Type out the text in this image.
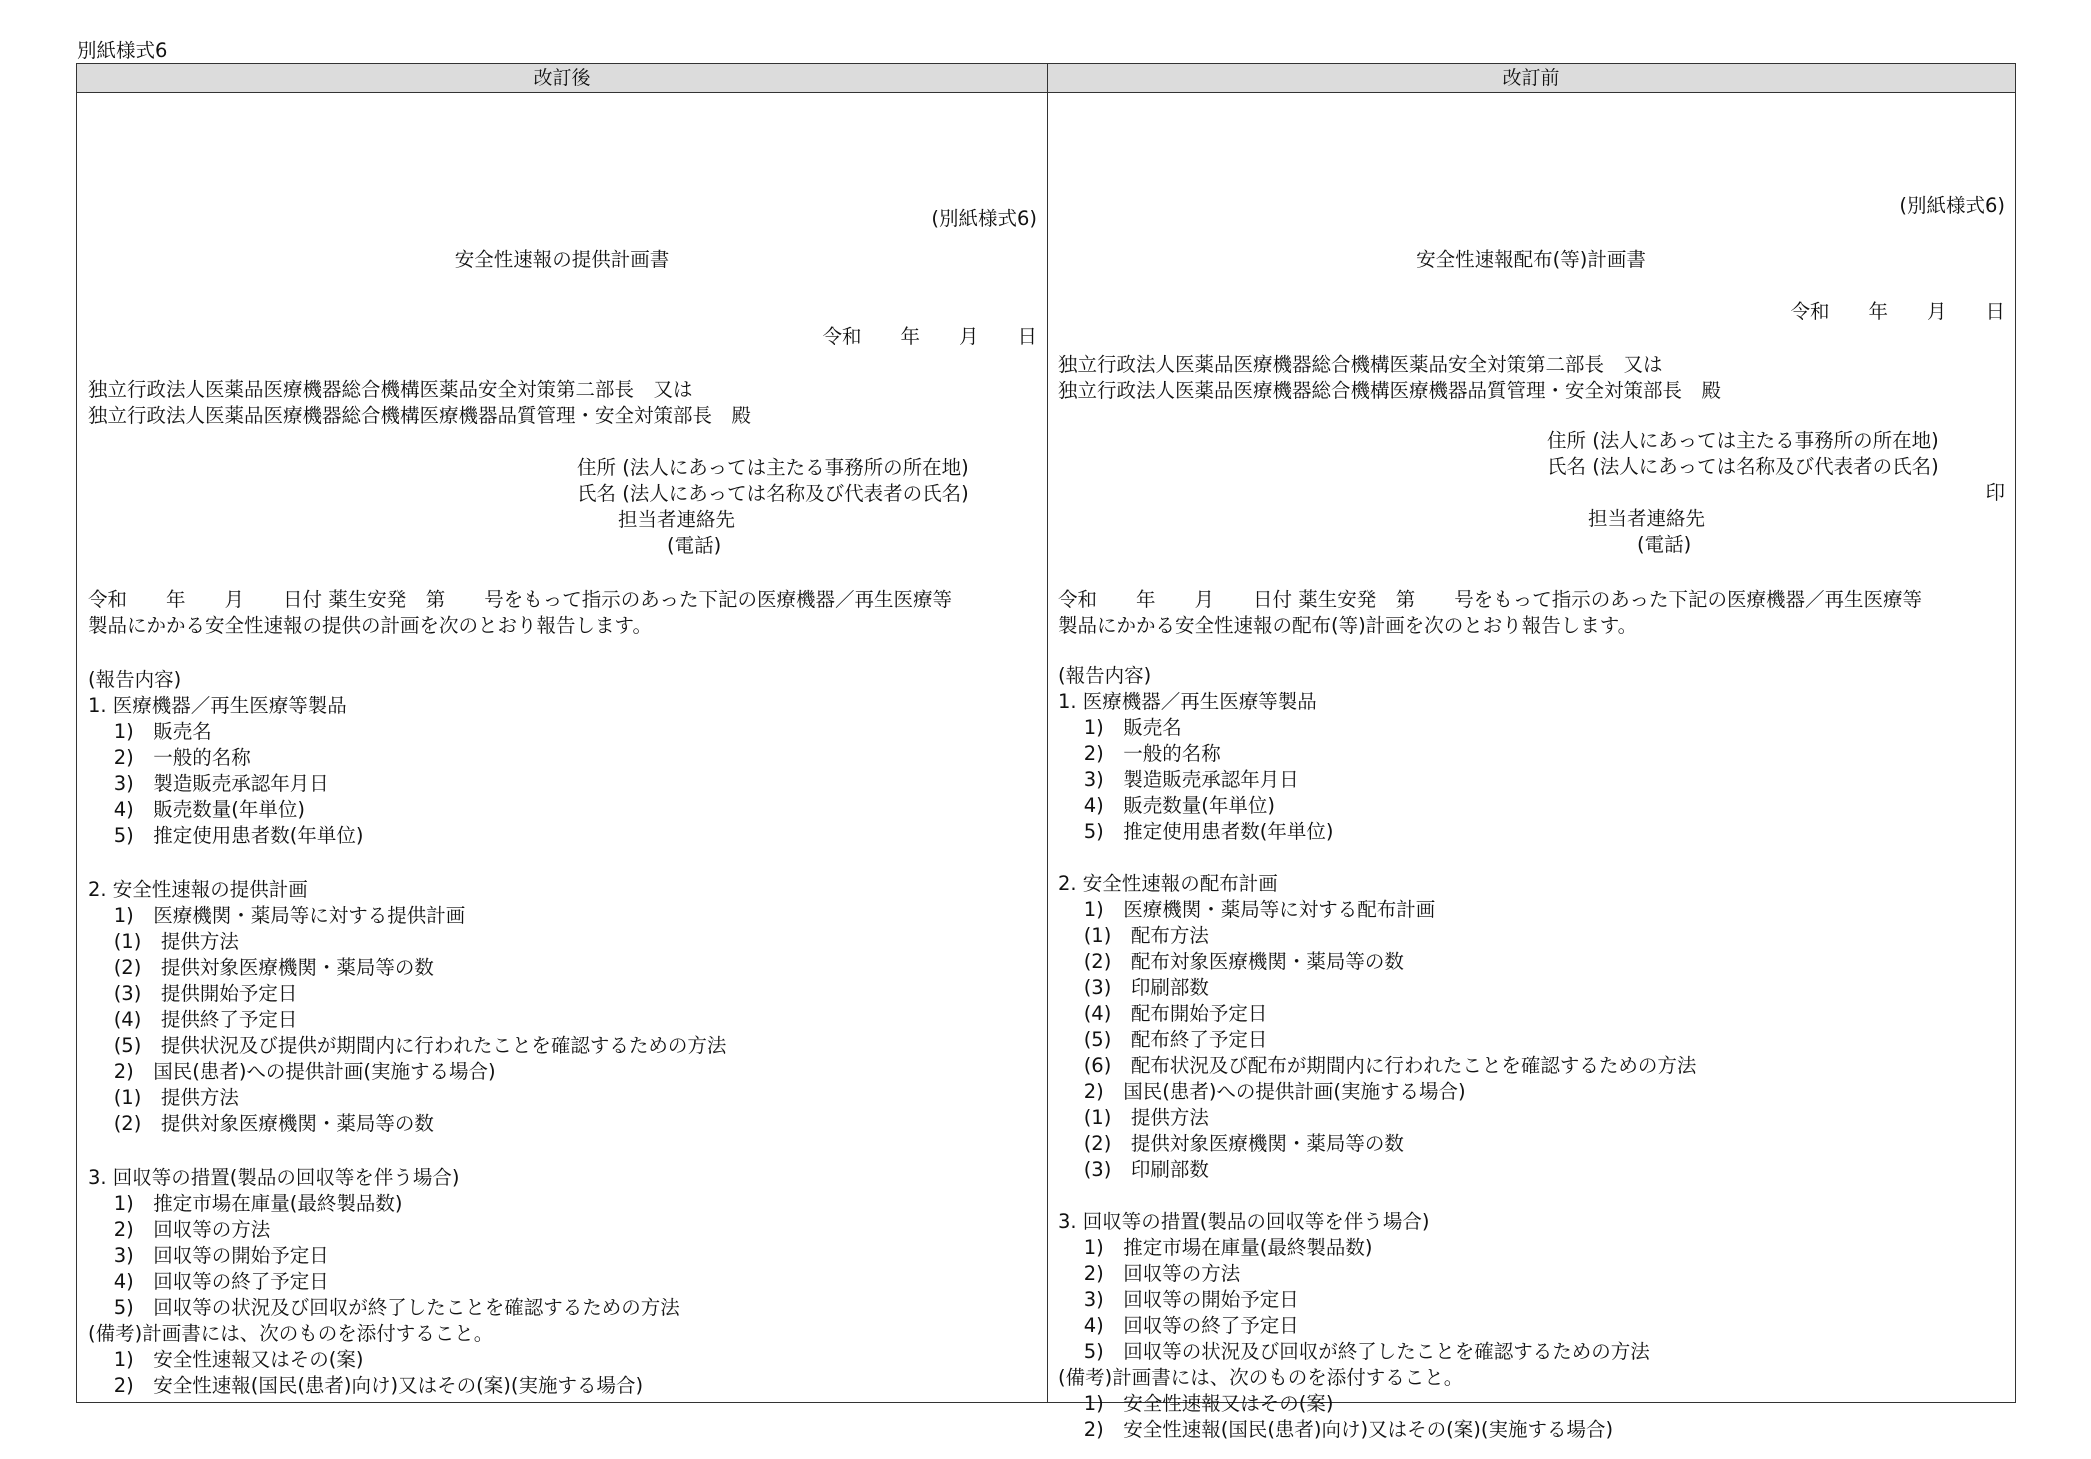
別紙様式6
改訂後	改訂前
(別紙様式6)
安全性速報の提供計画書
令和　　年　　月　　日
独立行政法人医薬品医療機器総合機構医薬品安全対策第二部長　又は
独立行政法人医薬品医療機器総合機構医療機器品質管理・安全対策部長　殿
住所 (法人にあっては主たる事務所の所在地)
氏名 (法人にあっては名称及び代表者の氏名)
担当者連絡先
(電話)
令和　　年　　月　　日付 薬生安発　第　　号をもって指示のあった下記の医療機器／再生医療等
製品にかかる安全性速報の提供の計画を次のとおり報告します。
(報告内容)
1. 医療機器／再生医療等製品
　 1)　販売名
　 2)　一般的名称
　 3)　製造販売承認年月日
　 4)　販売数量(年単位)
　 5)　推定使用患者数(年単位)
2. 安全性速報の提供計画
　 1)　医療機関・薬局等に対する提供計画
　 (1)　提供方法
　 (2)　提供対象医療機関・薬局等の数
　 (3)　提供開始予定日
　 (4)　提供終了予定日
　 (5)　提供状況及び提供が期間内に行われたことを確認するための方法
　 2)　国民(患者)への提供計画(実施する場合)
　 (1)　提供方法
　 (2)　提供対象医療機関・薬局等の数
3. 回収等の措置(製品の回収等を伴う場合)
　 1)　推定市場在庫量(最終製品数)
　 2)　回収等の方法
　 3)　回収等の開始予定日
　 4)　回収等の終了予定日
　 5)　回収等の状況及び回収が終了したことを確認するための方法
(備考)計画書には、次のものを添付すること。
　 1)　安全性速報又はその(案)
　 2)　安全性速報(国民(患者)向け)又はその(案)(実施する場合)
(別紙様式6)
安全性速報配布(等)計画書
令和　　年　　月　　日
独立行政法人医薬品医療機器総合機構医薬品安全対策第二部長　又は
独立行政法人医薬品医療機器総合機構医療機器品質管理・安全対策部長　殿
住所 (法人にあっては主たる事務所の所在地)
氏名 (法人にあっては名称及び代表者の氏名)
印
担当者連絡先
(電話)
令和　　年　　月　　日付 薬生安発　第　　号をもって指示のあった下記の医療機器／再生医療等
製品にかかる安全性速報の配布(等)計画を次のとおり報告します。
(報告内容)
1. 医療機器／再生医療等製品
　 1)　販売名
　 2)　一般的名称
　 3)　製造販売承認年月日
　 4)　販売数量(年単位)
　 5)　推定使用患者数(年単位)
2. 安全性速報の配布計画
　 1)　医療機関・薬局等に対する配布計画
　 (1)　配布方法
　 (2)　配布対象医療機関・薬局等の数
　 (3)　印刷部数
　 (4)　配布開始予定日
　 (5)　配布終了予定日
　 (6)　配布状況及び配布が期間内に行われたことを確認するための方法
　 2)　国民(患者)への提供計画(実施する場合)
　 (1)　提供方法
　 (2)　提供対象医療機関・薬局等の数
　 (3)　印刷部数
3. 回収等の措置(製品の回収等を伴う場合)
　 1)　推定市場在庫量(最終製品数)
　 2)　回収等の方法
　 3)　回収等の開始予定日
　 4)　回収等の終了予定日
　 5)　回収等の状況及び回収が終了したことを確認するための方法
(備考)計画書には、次のものを添付すること。
　 1)　安全性速報又はその(案)
　 2)　安全性速報(国民(患者)向け)又はその(案)(実施する場合)
